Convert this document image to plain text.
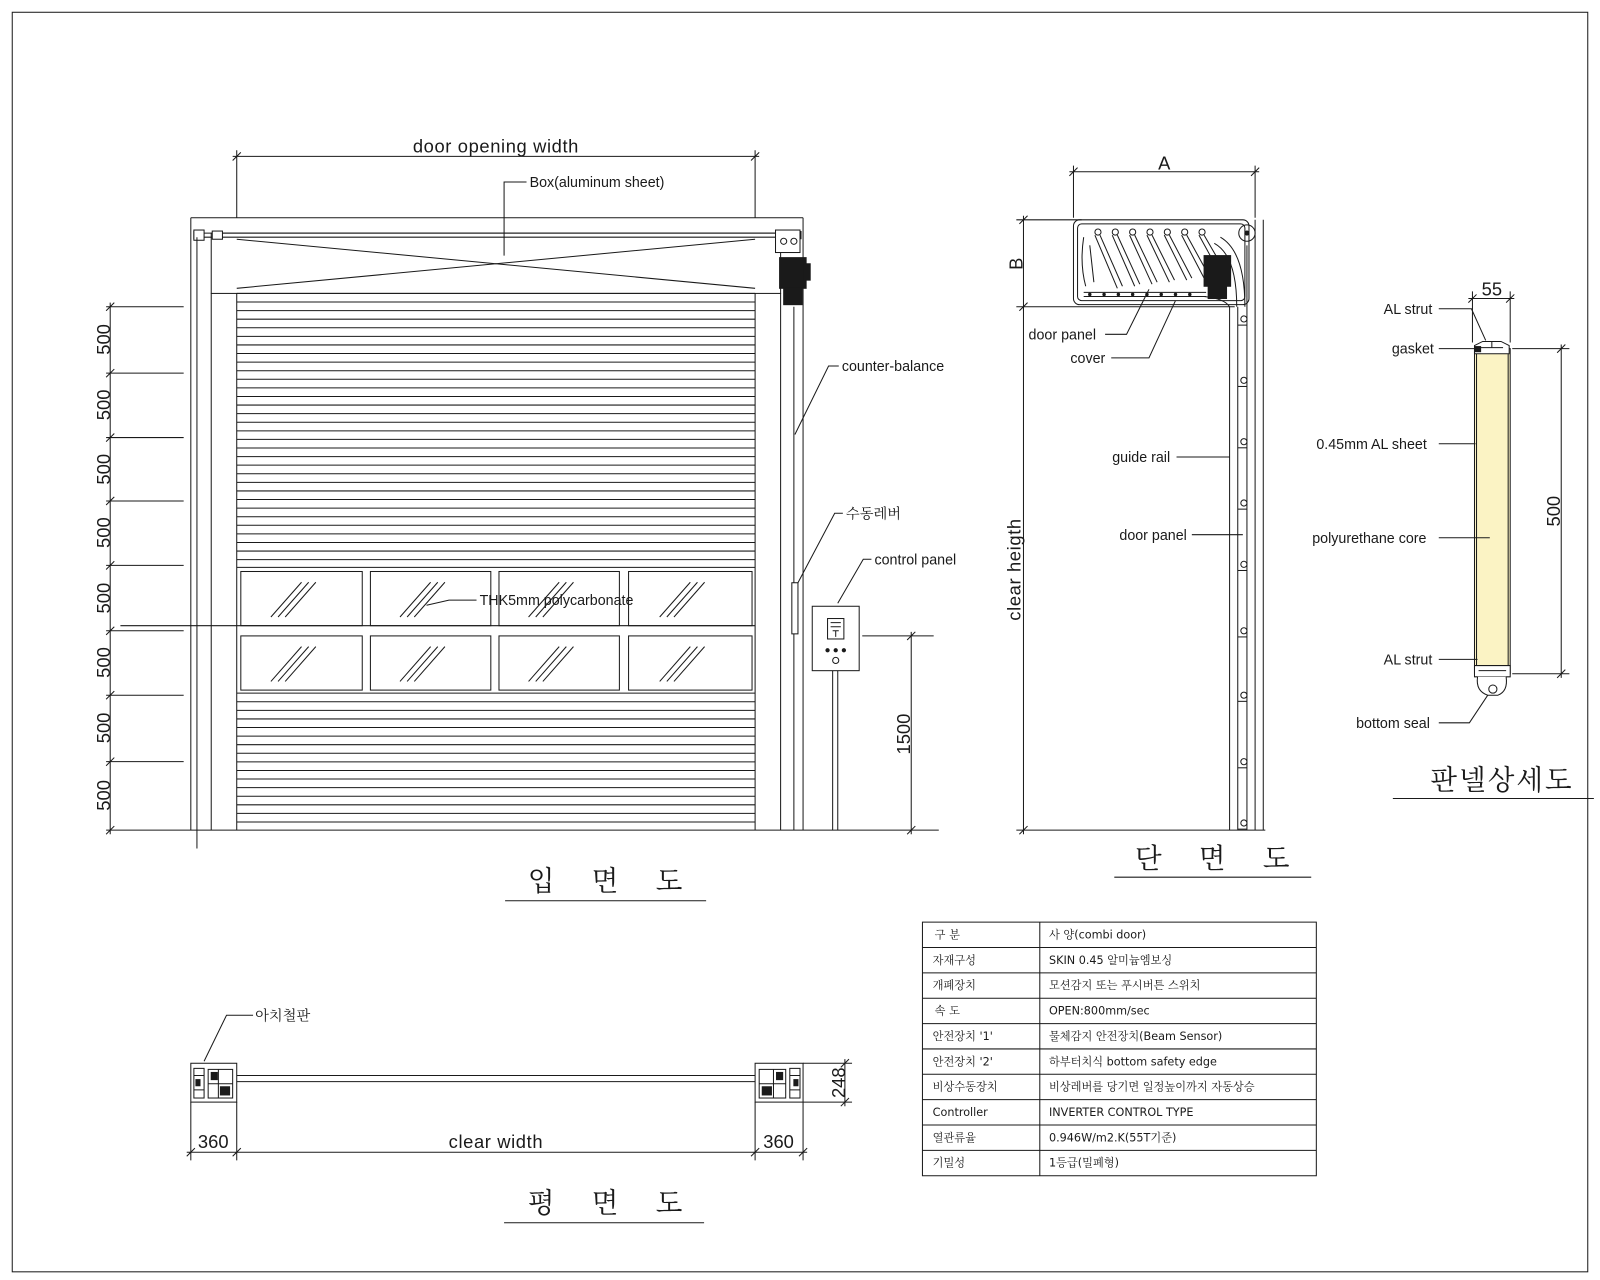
door opening width
500
500
500
500
500
500
500
500
1500
Box(aluminum sheet)
counter-balance
수동레버
control panel
THK5mm polycarbonate
입 면 도
A
B
clear heigth
door panel
cover
guide rail
door panel
단 면 도
55
500
AL strut
gasket
0.45mm AL sheet
polyurethane core
AL strut
bottom seal
판넬상세도
248
360	clear width	360
아치철판
평 면 도
구 분	사 양(combi door)
자재구성	SKIN 0.45 알미늄엠보싱
개폐장치	모션감지 또는 푸시버튼 스위치
속 도	OPEN:800mm/sec
안전장치 '1'	물체감지 안전장치(Beam Sensor)
안전장치 '2'	하부터치식 bottom safety edge
비상수동장치	비상레버를 당기면 일정높이까지 자동상승
Controller	INVERTER CONTROL TYPE
열관류율	0.946W/m2.K(55T기준)
기밀성	1등급(밀폐형)
